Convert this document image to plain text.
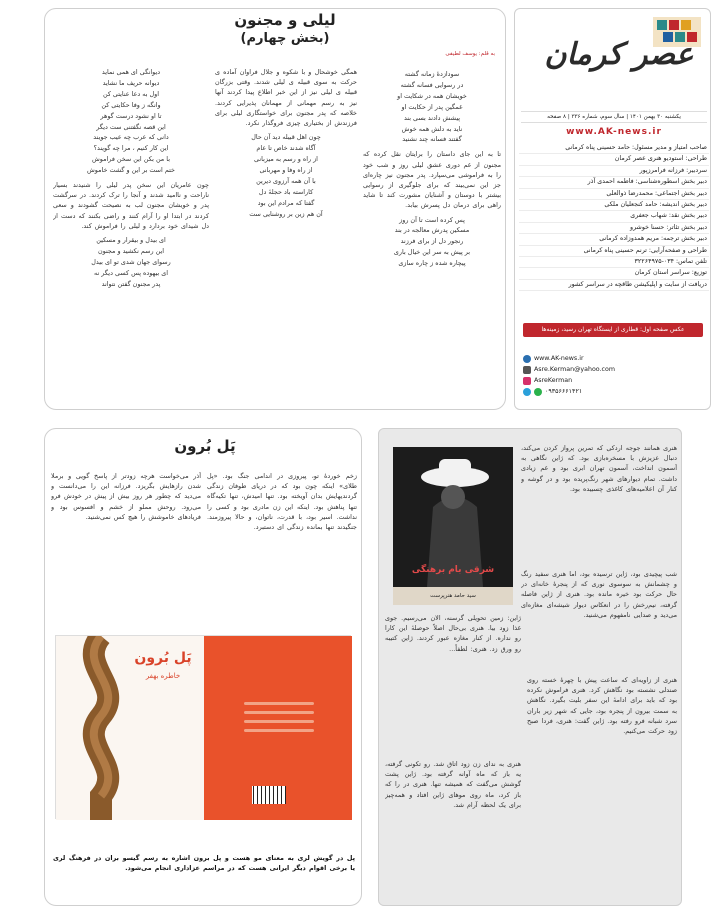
عصر کرمان
یکشنبه ۳۰ بهمن ۱۴۰۱ | سال سوم، شماره ۳۳۶ | ۸ صفحه
www.AK-news.ir
صاحب امتیاز و مدیر مسئول: حامد حسینی پناه کرمانی
طراحی: استودیو هنری عصر کرمان
سردبیر: فرزانه فرامرزپور
دبیر بخش اسطوره‌شناسی: فاطمه احمدی آذر
دبیر بخش اجتماعی: محمدرضا ذوالعلی
دبیر بخش اندیشه: حامد کنجعلیان ملکی
دبیر بخش نقد: شهاب جعفری
دبیر بخش تئاتر: حسنا خوشرو
دبیر بخش ترجمه: مریم همدوزاده کرمانی
طراحی و صفحه‌آرایی: ترنم حسینی پناه کرمانی
تلفن تماس: ۰۳۴-۳۲۲۶۴۹۷۵
توزیع: سراسر استان کرمان
دریافت از سایت و اپلیکیشن طاقچه در سراسر کشور
عکس صفحه اول: قطاری از ایستگاه تهران رسید، زمینه‌ها
www.AK-news.ir
Asre.Kerman@yahoo.com
AsreKerman
۰۹۳۵۶۶۶۱۴۲۱
لیلی و مجنون
(بخش چهارم)
به قلم: یوسف لطیفی
سودازدهٔ زمانه گشته
در رسوایی فسانه گشته
خویشان همه در شکایت او
غمگین پدر از حکایت او
پیشش دادند بسی بند
ناید به دلش همه خوش
گفتند فسانه چند نشنید
تا به این جای داستان را برایتان نقل کرده که مجنون از غم دوری عشق لیلی روز و شب خود را به فراموشی می‌سپارد. پدر مجنون نیز چاره‌ای جز این نمی‌بیند که برای جلوگیری از رسوایی بیشتر با دوستان و آشنایان مشورت کند تا شاید راهی برای درمان دل پسرش بیابد.
پس کرده است تا آن روز
مسکین پدرش معالجه در بند
رنجور دل از برای فرزند
بر پیش به سر این خیال باری
پیچاره شده ز چاره سازی
همگی خوشحال و با شکوه و جلال فراوان آماده ی حرکت به سوی قبیله ی لیلی شدند. وقتی بزرگان قبیله ی لیلی نیز از این خبر اطلاع پیدا کردند آنها نیز به رسم مهمانی از مهمانان پذیرایی کردند. خلاصه که پدر مجنون برای خواستگاری لیلی برای فرزندش از بختیاری چیزی فروگذار نکرد.
چون اهل قبیله دید آن حال
آگاه شدند خاص تا عام
از راه و رسم به میزبانی
از راه وفا و مهربانی
با آن همه آرزوی دیرین
کاراسته باد حجلهٔ دل
گفتا که مرادم این بود
آن هم زین بر روشنایی ست
دیوانگی ای همی نماید
دیوانه حریف ما نشاید
اول به دعا عنایتی کن
وانگه ز وفا حکایتی کن
تا او نشود درست گوهر
این قصه نگفتنی ست دیگر
دانی که عرب چه عیب جویند
این کار کنیم ، مرا چه گویند؟
با من بکن این سخن فراموش
ختم است بر این و گشت خاموش
چون عامریان این سخن پدر لیلی را شنیدند بسیار ناراحت و ناامید شدند و آنجا را ترک کردند. در سرگشت پدر و خویشان مجنون لب به نصیحت گشودند و سعی کردند در ابتدا او را آرام کنند و راضی بکنند که دست از دل شیدای خود بردارد و لیلی را فراموش کند.
ای بیدل و بیقرار و مسکین
این رسم نکشید و مجنون
رسوای جهان شدی تو ای بیدل
ای بیهوده پس کسی دیگر نه
پدر مجنون گفتن نتواند
پَل بُرون
آذر می‌خواست هرچه زودتر از پاسخ گویی و برملا شدن رازهایش بگریزد. فرزانه این را می‌دانست و می‌دید که چطور هر روز بیش از پیش در خودش فرو می‌رود. روحش مملو از خشم و افسوس بود و فریادهای خاموشش را هیچ کس نمی‌شنید.
زخم خوردهٔ تو، پیروزی در اندامی جنگ بود. «پل طلای» اینکه چون بود که در دریای طوفان زندگی گردندیهایش بدان آویخته بود. تنها امیدش، تنها تکیه‌گاه تنها پناهش بود. اینکه این زن مادری بود و کسی را نداشت. اسیر بود، با قدرت، ناتوان، و حالا پیروزمند. جنگیدند تنها بمانده زندگی ای دستبرد.
پَل بُرون
خاطره بهفر
پل در گویش لری به معنای مو هست و پل برون اشاره به رسم گیسو بران در فرهنگ لری یا برخی اقوام دیگر ایرانی هست که در مراسم عزاداری انجام می‌شود.
شرقی بام برهنگی
سید حامد هنرپرست
هنری همانند جوجه اردکی که تمرین پرواز کردن می‌کند، دنبال عزیزش با مسخره‌بازی بود. که ژاین نگاهی به آسمون انداخت، آسمون تهران ابری بود و غم زیادی داشت. تمام دیوارهای شهر رنگ‌پریده بود و در گوشه و کنار آن اعلامیه‌های کاغذی چسبیده بود.
شب پیچیدی بود، ژاین ترسیده بود، اما هنری سفید رنگ و چشمانش به سوسوی نوری که از پنجرهٔ خانه‌ای در حال حرکت بود خیره مانده بود. هنری از ژاین فاصله گرفته، نیم‌رخش را در انعکاس دیوار شیشه‌ای مغازه‌ای می‌دید و صدایی نامفهوم می‌شنید.
ژاین: زمین تحویلی گرسنه، الان می‌رسیم. جوی غذا زود بیا. هنری بی‌حال اصلاً حوصلهٔ این کارا رو نداره. از کنار مغازه عبور کردند. ژاین کتیبه رو ورق زد. هنری: لطفاً...
هنری به ندای زن زود اتاق شد. رو تکونی گرفته، یه باز که ماه آوانه گرفته بود. ژاین پشت گوشش می‌گفت که همیشه تنها. هنری در را که باز کرد، ماه روی موهای ژاین افتاد و همه‌چیز برای یک لحظه آرام شد.
هنری از زاویه‌ای که ساعت پیش با چهرهٔ خسته روی صندلی نشسته بود نگاهش کرد. هنری فراموش نکرده بود که باید برای ادامهٔ این سفر بلیت بگیرد. نگاهش به سمت بیرون از پنجره بود، جایی که شهر زیر باران سرد شبانه فرو رفته بود. ژاین گفت: هنری، فردا صبح زود حرکت می‌کنیم.
